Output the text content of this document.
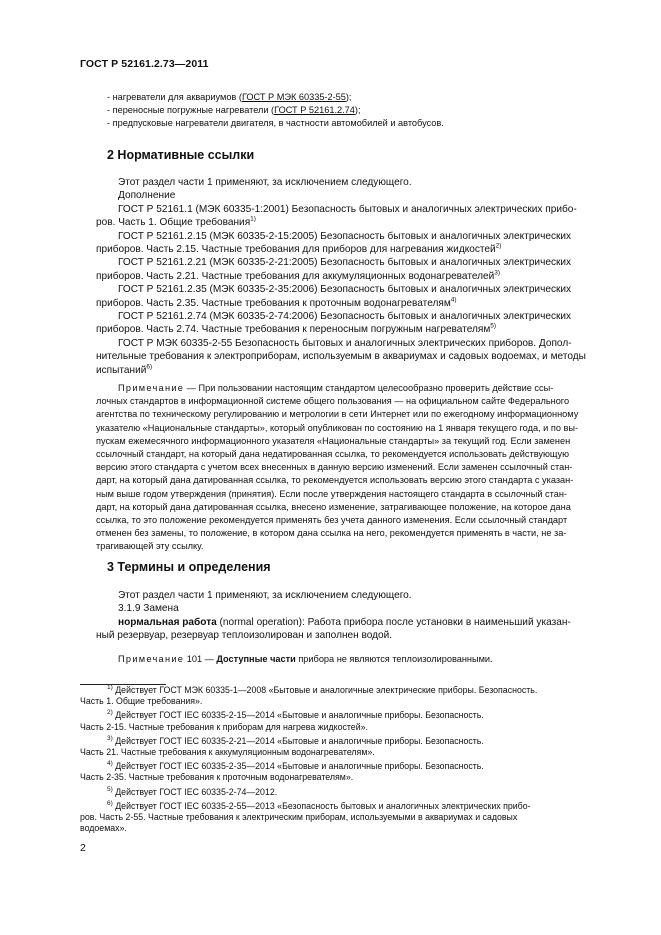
ГОСТ Р 52161.2.73—2011
- нагреватели для аквариумов (ГОСТ Р МЭК 60335-2-55);
- переносные погружные нагреватели (ГОСТ Р 52161.2.74);
- предпусковые нагреватели двигателя, в частности автомобилей и автобусов.
2 Нормативные ссылки
Этот раздел части 1 применяют, за исключением следующего.
Дополнение
ГОСТ Р 52161.1 (МЭК 60335-1:2001) Безопасность бытовых и аналогичных электрических прибо-
ров. Часть 1. Общие требования$^{1)}$
ГОСТ Р 52161.2.15 (МЭК 60335-2-15:2005) Безопасность бытовых и аналогичных электрических
приборов. Часть 2.15. Частные требования для приборов для нагревания жидкостей$^{2)}$
ГОСТ Р 52161.2.21 (МЭК 60335-2-21:2005) Безопасность бытовых и аналогичных электрических
приборов. Часть 2.21. Частные требования для аккумуляционных водонагревателей$^{3)}$
ГОСТ Р 52161.2.35 (МЭК 60335-2-35:2006) Безопасность бытовых и аналогичных электрических
приборов. Часть 2.35. Частные требования к проточным водонагревателям$^{4)}$
ГОСТ Р 52161.2.74 (МЭК 60335-2-74:2006) Безопасность бытовых и аналогичных электрических
приборов. Часть 2.74. Частные требования к переносным погружным нагревателям$^{5)}$
ГОСТ Р МЭК 60335-2-55 Безопасность бытовых и аналогичных электрических приборов. Допол-
нительные требования к электроприборам, используемым в аквариумах и садовых водоемах, и методы
испытаний$^{6)}$
Примечание — При пользовании настоящим стандартом целесообразно проверить действие ссы-
лочных стандартов в информационной системе общего пользования — на официальном сайте Федерального
агентства по техническому регулированию и метрологии в сети Интернет или по ежегодному информационному
указателю «Национальные стандарты», который опубликован по состоянию на 1 января текущего года, и по вы-
пускам ежемесячного информационного указателя «Национальные стандарты» за текущий год. Если заменен
ссылочный стандарт, на который дана недатированная ссылка, то рекомендуется использовать действующую
версию этого стандарта с учетом всех внесенных в данную версию изменений. Если заменен ссылочный стан-
дарт, на который дана датированная ссылка, то рекомендуется использовать версию этого стандарта с указан-
ным выше годом утверждения (принятия). Если после утверждения настоящего стандарта в ссылочный стан-
дарт, на который дана датированная ссылка, внесено изменение, затрагивающее положение, на которое дана
ссылка, то это положение рекомендуется применять без учета данного изменения. Если ссылочный стандарт
отменен без замены, то положение, в котором дана ссылка на него, рекомендуется применять в части, не за-
трагивающей эту ссылку.
3 Термины и определения
Этот раздел части 1 применяют, за исключением следующего.
3.1.9 Замена
нормальная работа (normal operation): Работа прибора после установки в наименьший указан-
ный резервуар, резервуар теплоизолирован и заполнен водой.
Примечание 101 — Доступные части прибора не являются теплоизолированными.
$^{1)}$ Действует ГОСТ МЭК 60335-1—2008 «Бытовые и аналогичные электрические приборы. Безопасность.
Часть 1. Общие требования».
$^{2)}$ Действует ГОСТ IEC 60335-2-15—2014 «Бытовые и аналогичные приборы. Безопасность.
Часть 2-15. Частные требования к приборам для нагрева жидкостей».
$^{3)}$ Действует ГОСТ IEC 60335-2-21—2014 «Бытовые и аналогичные приборы. Безопасность.
Часть 21. Частные требования к аккумуляционным водонагревателям».
$^{4)}$ Действует ГОСТ IEC 60335-2-35—2014 «Бытовые и аналогичные приборы. Безопасность.
Часть 2-35. Частные требования к проточным водонагревателям».
$^{5)}$ Действует ГОСТ IEC 60335-2-74—2012.
$^{6)}$ Действует ГОСТ IEC 60335-2-55—2013 «Безопасность бытовых и аналогичных электрических прибо-
ров. Часть 2-55. Частные требования к электрическим приборам, используемыми в аквариумах и садовых
водоемах».
2
